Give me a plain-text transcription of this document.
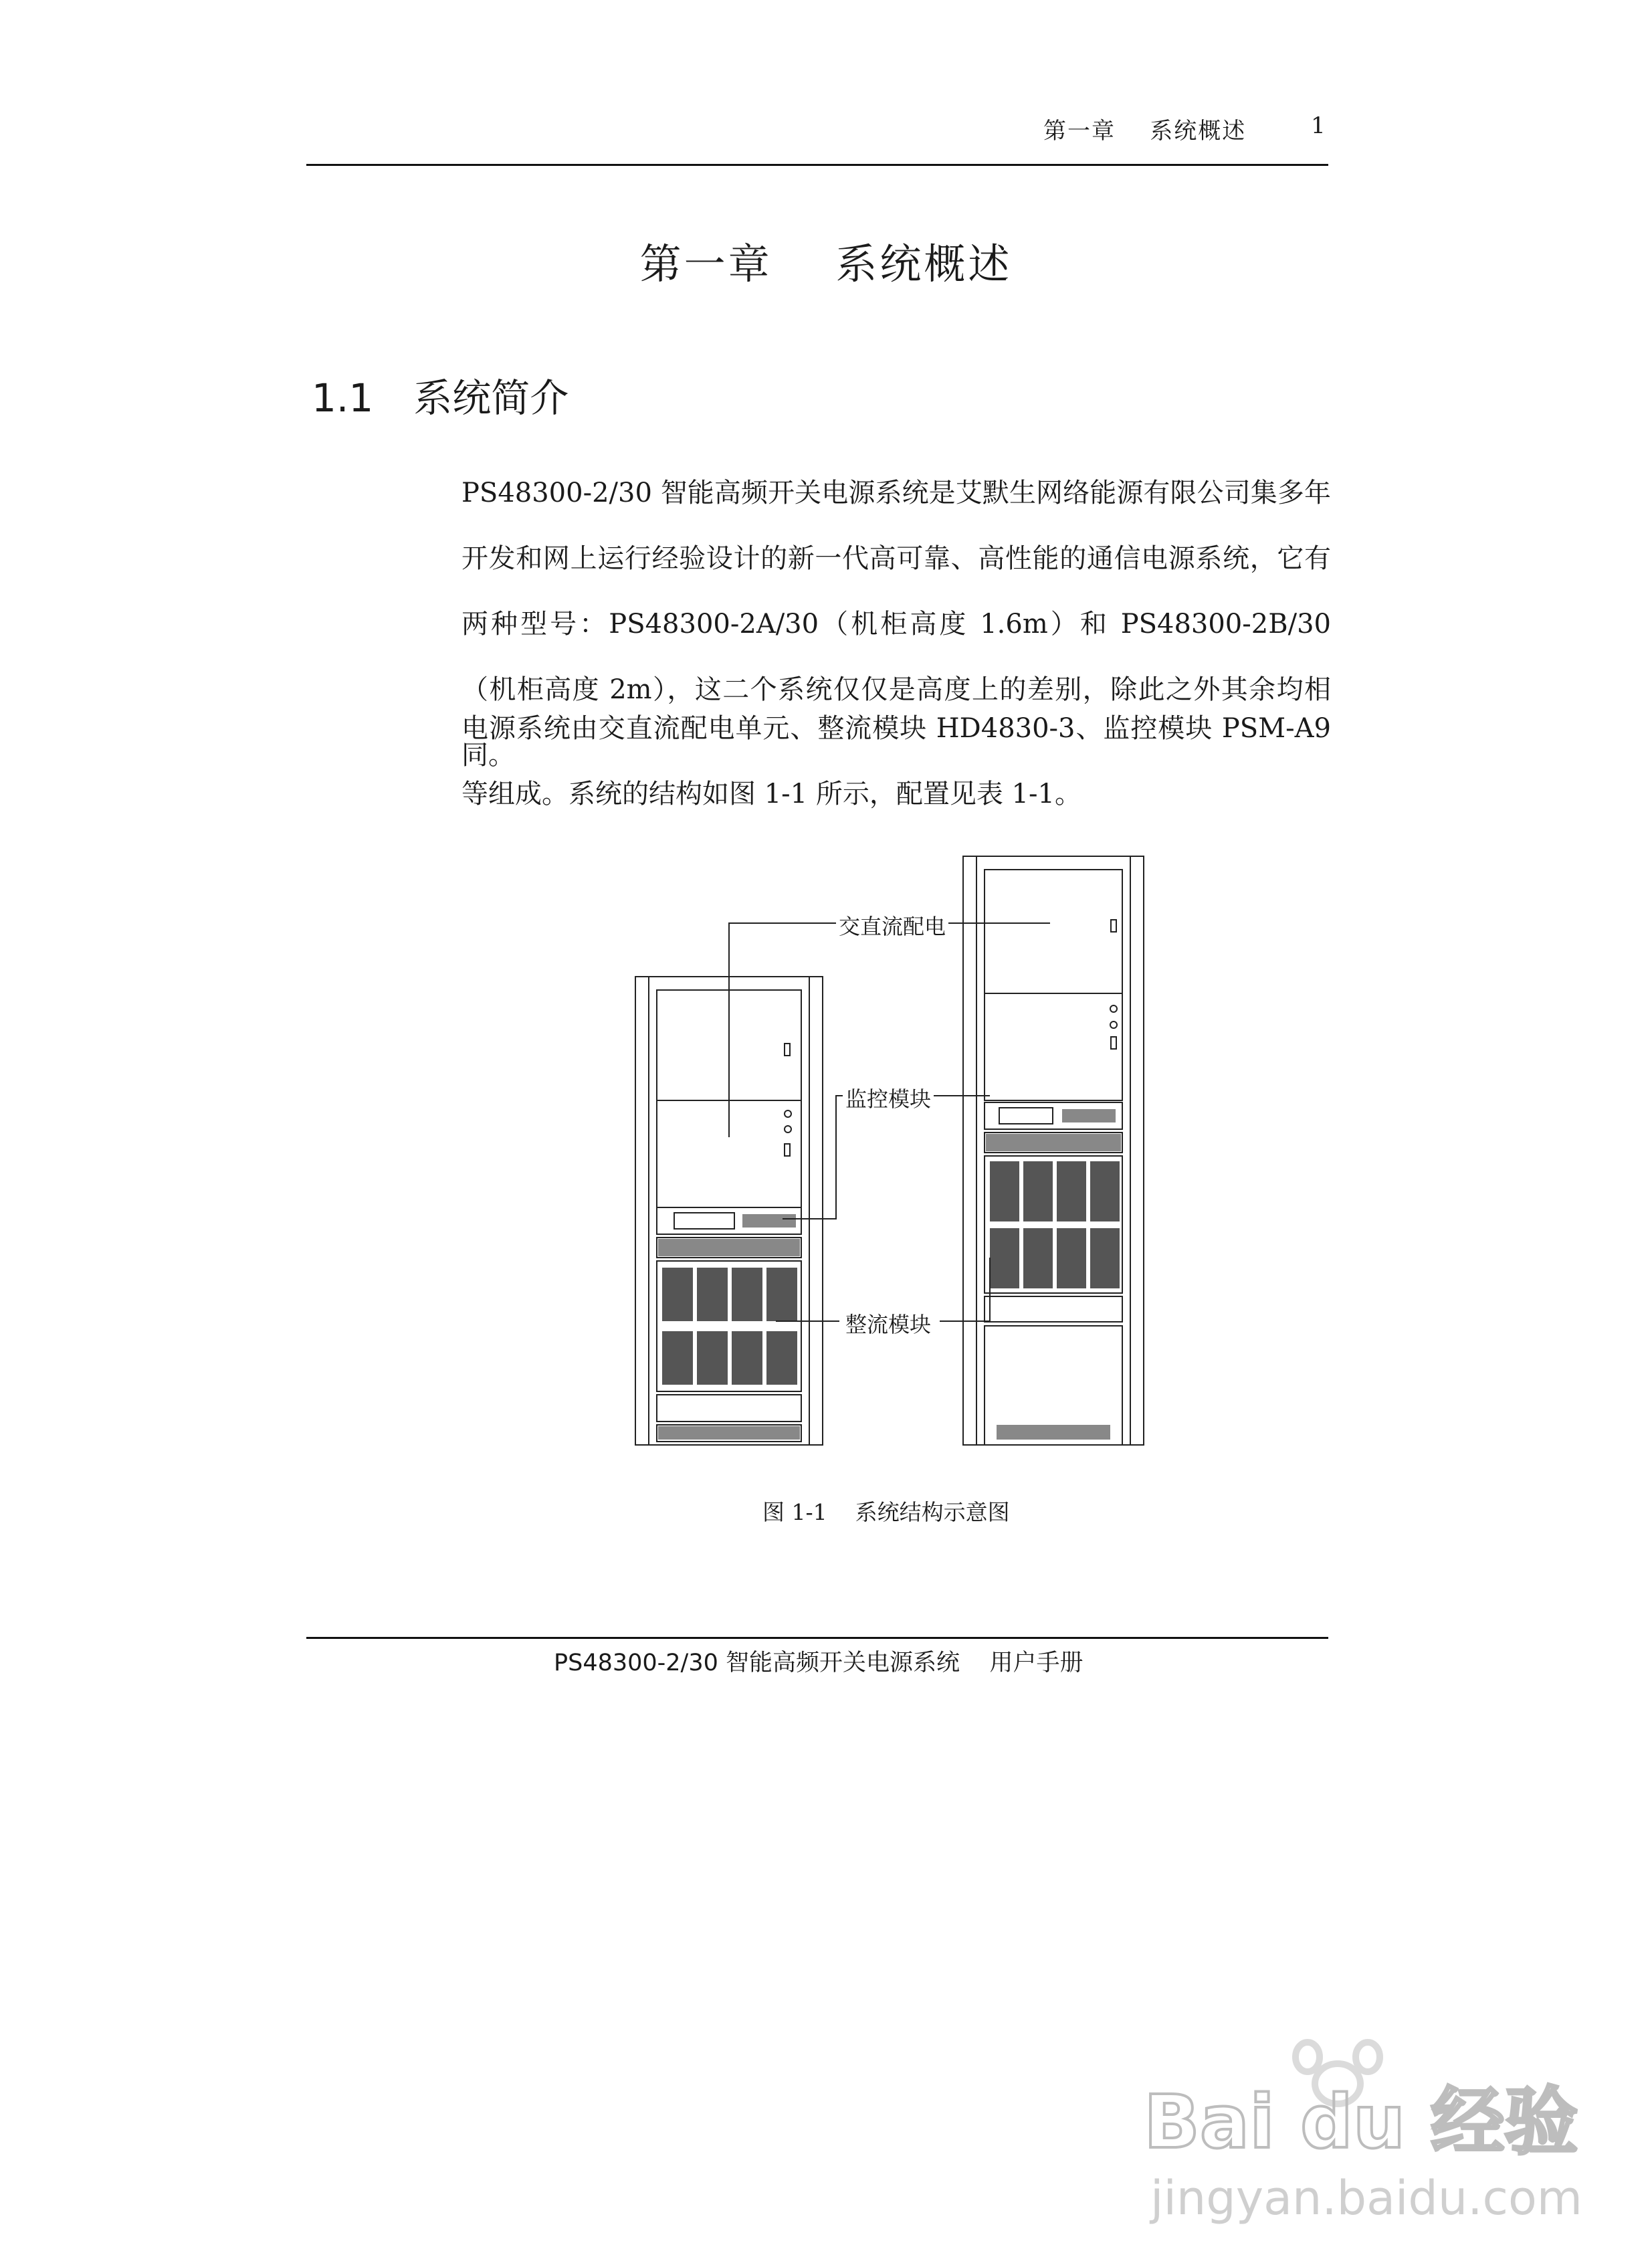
第一章    系统概述	1
第一章    系统概述
1.1 系统简介
PS48300-2/30 智能高频开关电源系统是艾默生网络能源有限公司集多年开发和网上运行经验设计的新一代高可靠、高性能的通信电源系统，它有两种型号：PS48300-2A/30（机柜高度 1.6m）和 PS48300-2B/30（机柜高度 2m），这二个系统仅仅是高度上的差别，除此之外其余均相同。
电源系统由交直流配电单元、整流模块 HD4830-3、监控模块 PSM-A9 等组成。系统的结构如图 1-1 所示，配置见表 1-1。
交直流配电
监控模块
整流模块
图 1-1    系统结构示意图
PS48300-2/30 智能高频开关电源系统    用户手册
Bai du 经验
jingyan.baidu.com
